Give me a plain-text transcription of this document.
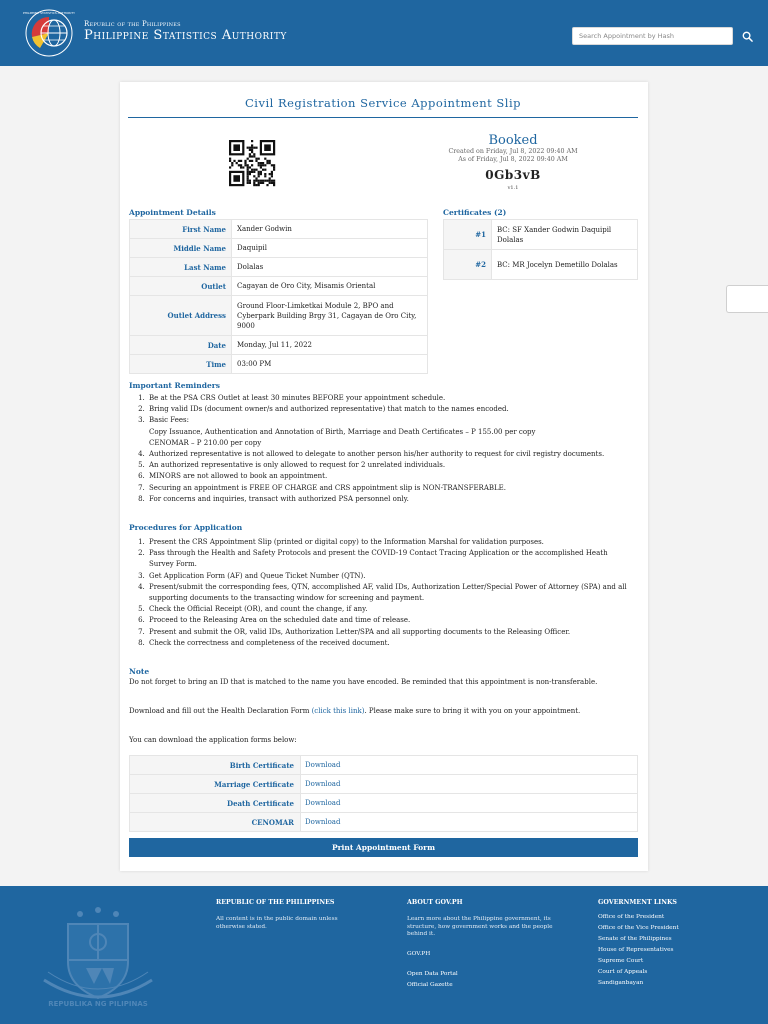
PHILIPPINE STATISTICS AUTHORITY
Republic of the Philippines
Philippine Statistics Authority
Search Appointment by Hash
Civil Registration Service Appointment Slip
Booked
Created on Friday, Jul 8, 2022 09:40 AM
As of Friday, Jul 8, 2022 09:40 AM
0Gb3vB
v1.1
Appointment Details
First Name	Xander Godwin
Middle Name	Daquipil
Last Name	Dolalas
Outlet	Cagayan de Oro City, Misamis Oriental
Outlet Address	Ground Floor-Limketkai Module 2, BPO and Cyberpark Building Brgy 31, Cagayan de Oro City, 9000
Date	Monday, Jul 11, 2022
Time	03:00 PM
Certificates (2)
#1	BC: SF Xander Godwin Daquipil Dolalas
#2	BC: MR Jocelyn Demetillo Dolalas
Important Reminders
1. Be at the PSA CRS Outlet at least 30 minutes BEFORE your appointment schedule.
2. Bring valid IDs (document owner/s and authorized representative) that match to the names encoded.
3. Basic Fees:
Copy Issuance, Authentication and Annotation of Birth, Marriage and Death Certificates – P 155.00 per copy
CENOMAR – P 210.00 per copy
4. Authorized representative is not allowed to delegate to another person his/her authority to request for civil registry documents.
5. An authorized representative is only allowed to request for 2 unrelated individuals.
6. MINORS are not allowed to book an appointment.
7. Securing an appointment is FREE OF CHARGE and CRS appointment slip is NON-TRANSFERABLE.
8. For concerns and inquiries, transact with authorized PSA personnel only.
Procedures for Application
1. Present the CRS Appointment Slip (printed or digital copy) to the Information Marshal for validation purposes.
2. Pass through the Health and Safety Protocols and present the COVID-19 Contact Tracing Application or the accomplished Heath Survey Form.
3. Get Application Form (AF) and Queue Ticket Number (QTN).
4. Present/submit the corresponding fees, QTN, accomplished AF, valid IDs, Authorization Letter/Special Power of Attorney (SPA) and all supporting documents to the transacting window for screening and payment.
5. Check the Official Receipt (OR), and count the change, if any.
6. Proceed to the Releasing Area on the scheduled date and time of release.
7. Present and submit the OR, valid IDs, Authorization Letter/SPA and all supporting documents to the Releasing Officer.
8. Check the correctness and completeness of the received document.
Note
Do not forget to bring an ID that is matched to the name you have encoded. Be reminded that this appointment is non-transferable.
Download and fill out the Health Declaration Form (click this link). Please make sure to bring it with you on your appointment.
You can download the application forms below:
Birth Certificate	Download
Marriage Certificate	Download
Death Certificate	Download
CENOMAR	Download
Print Appointment Form
REPUBLIKA NG PILIPINAS
REPUBLIC OF THE PHILIPPINES
All content is in the public domain unless otherwise stated.
ABOUT GOV.PH
Learn more about the Philippine government, its structure, how government works and the people behind it.
GOV.PH
Open Data Portal
Official Gazette
GOVERNMENT LINKS
Office of the President
Office of the Vice President
Senate of the Philippines
House of Representatives
Supreme Court
Court of Appeals
Sandiganbayan
